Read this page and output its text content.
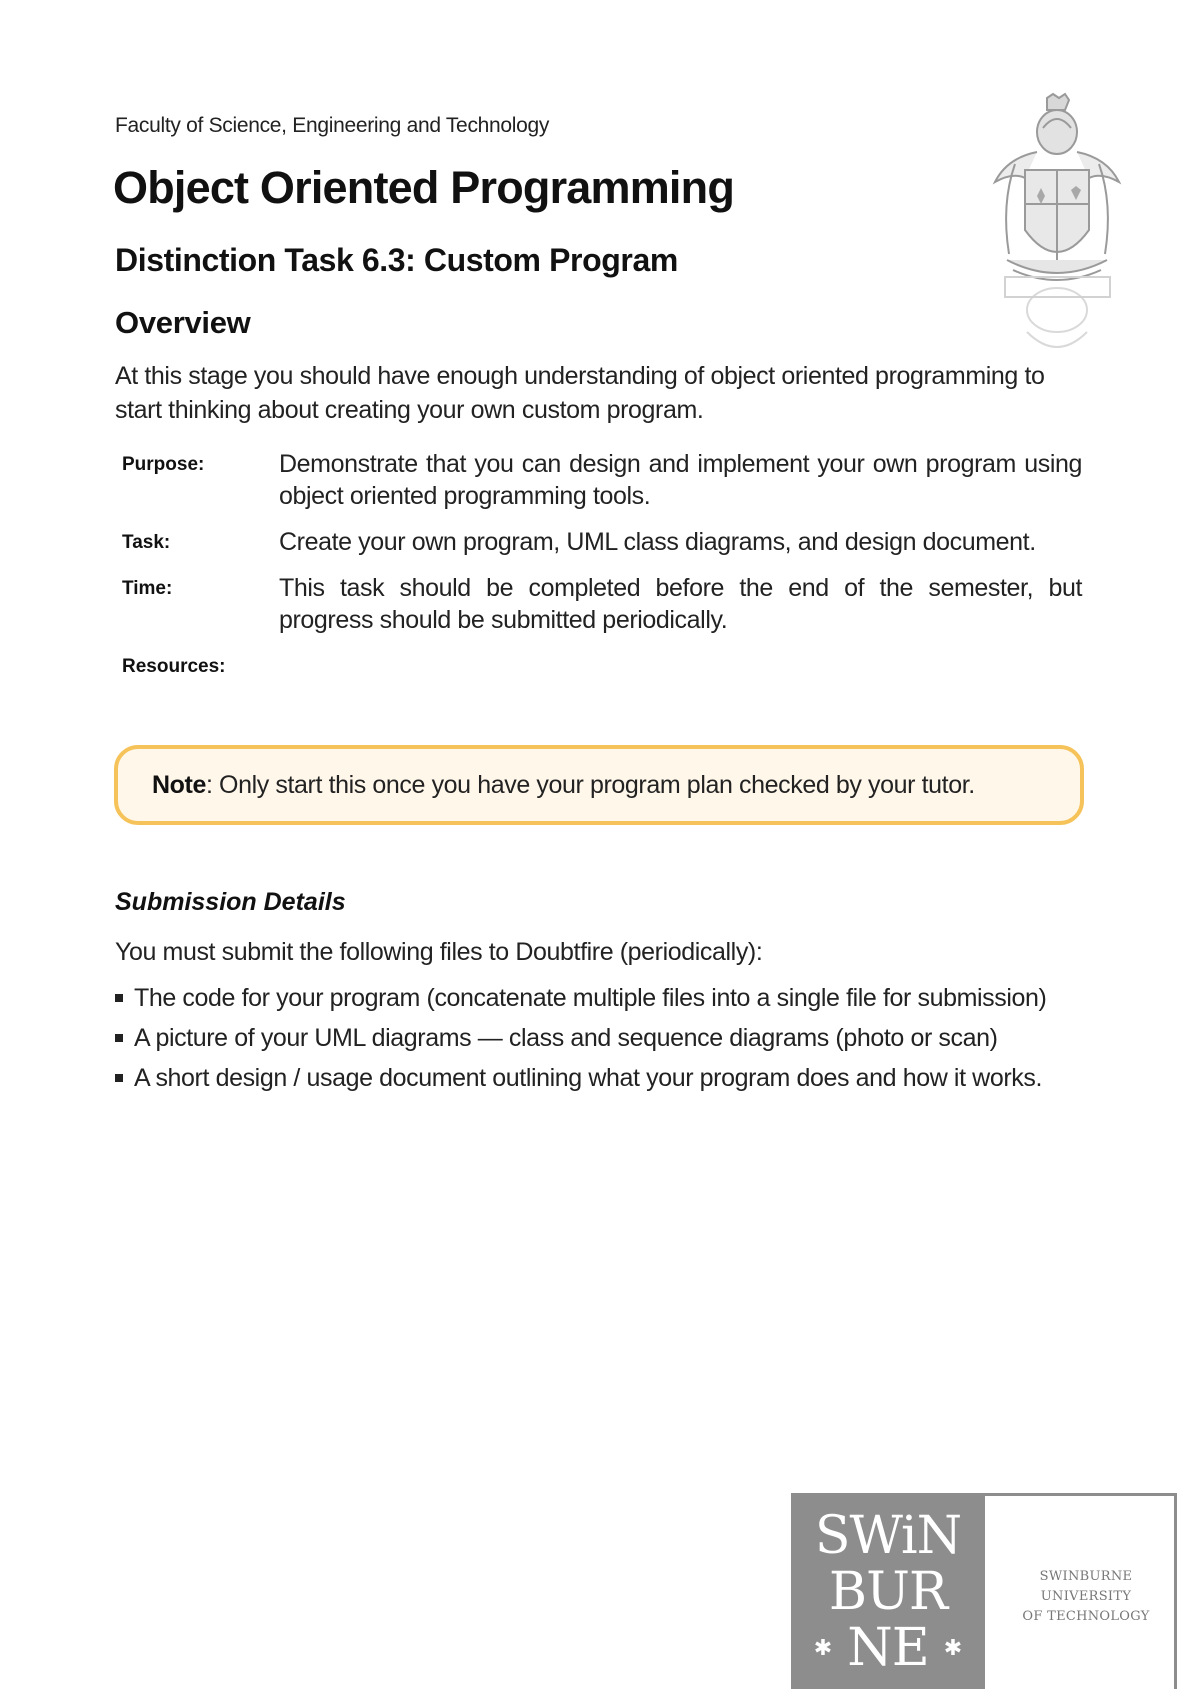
Faculty of Science, Engineering and Technology
Object Oriented Programming
Distinction Task 6.3: Custom Program
Overview

At this stage you should have enough understanding of object oriented programming to start thinking about creating your own custom program.

Purpose:	Demonstrate that you can design and implement your own program using object oriented programming tools.
Task:	Create your own program, UML class diagrams, and design document.
Time:	This task should be completed before the end of the semester, but progress should be submitted periodically.
Resources:
Note: Only start this once you have your program plan checked by your tutor.
Submission Details

You must submit the following files to Doubtfire (periodically):

The code for your program (concatenate multiple files into a single file for submission)
A picture of your UML diagrams — class and sequence diagrams (photo or scan)
A short design / usage document outlining what your program does and how it works.
SWiN
BUR
NE
✱	✱
SWINBURNE UNIVERSITY
OF TECHNOLOGY
